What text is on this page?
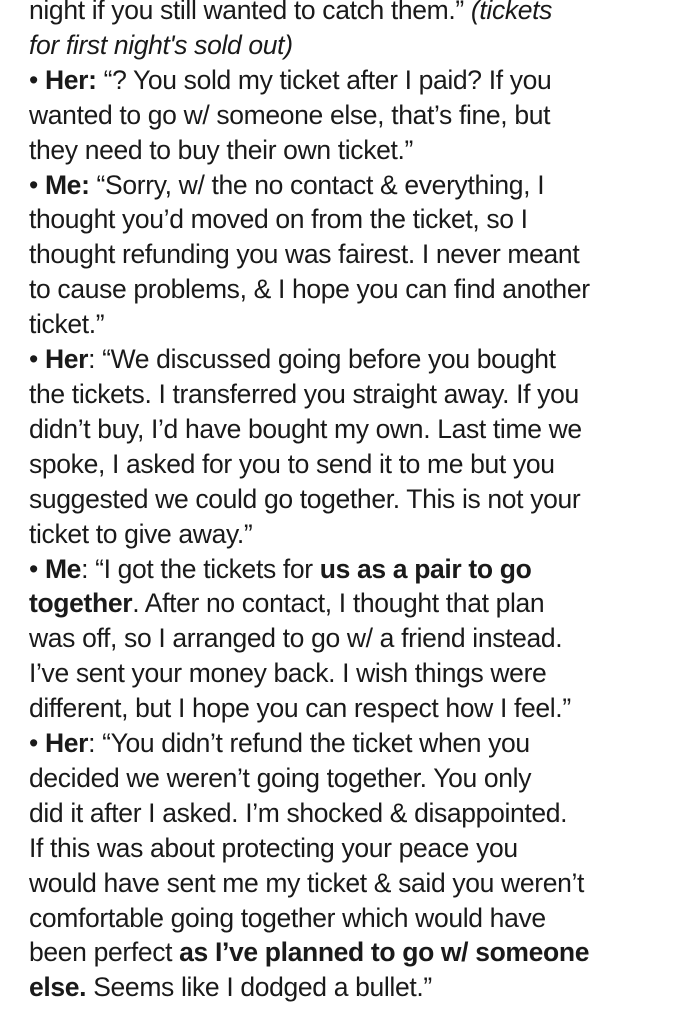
night if you still wanted to catch them.” (tickets
for first night's sold out)
• Her: “? You sold my ticket after I paid? If you
wanted to go w/ someone else, that’s fine, but
they need to buy their own ticket.”
• Me: “Sorry, w/ the no contact & everything, I
thought you’d moved on from the ticket, so I
thought refunding you was fairest. I never meant
to cause problems, & I hope you can find another
ticket.”
• Her: “We discussed going before you bought
the tickets. I transferred you straight away. If you
didn’t buy, I’d have bought my own. Last time we
spoke, I asked for you to send it to me but you
suggested we could go together. This is not your
ticket to give away.”
• Me: “I got the tickets for us as a pair to go
together. After no contact, I thought that plan
was off, so I arranged to go w/ a friend instead.
I’ve sent your money back. I wish things were
different, but I hope you can respect how I feel.”
• Her: “You didn’t refund the ticket when you
decided we weren’t going together. You only
did it after I asked. I’m shocked & disappointed.
If this was about protecting your peace you
would have sent me my ticket & said you weren’t
comfortable going together which would have
been perfect as I’ve planned to go w/ someone
else. Seems like I dodged a bullet.”
